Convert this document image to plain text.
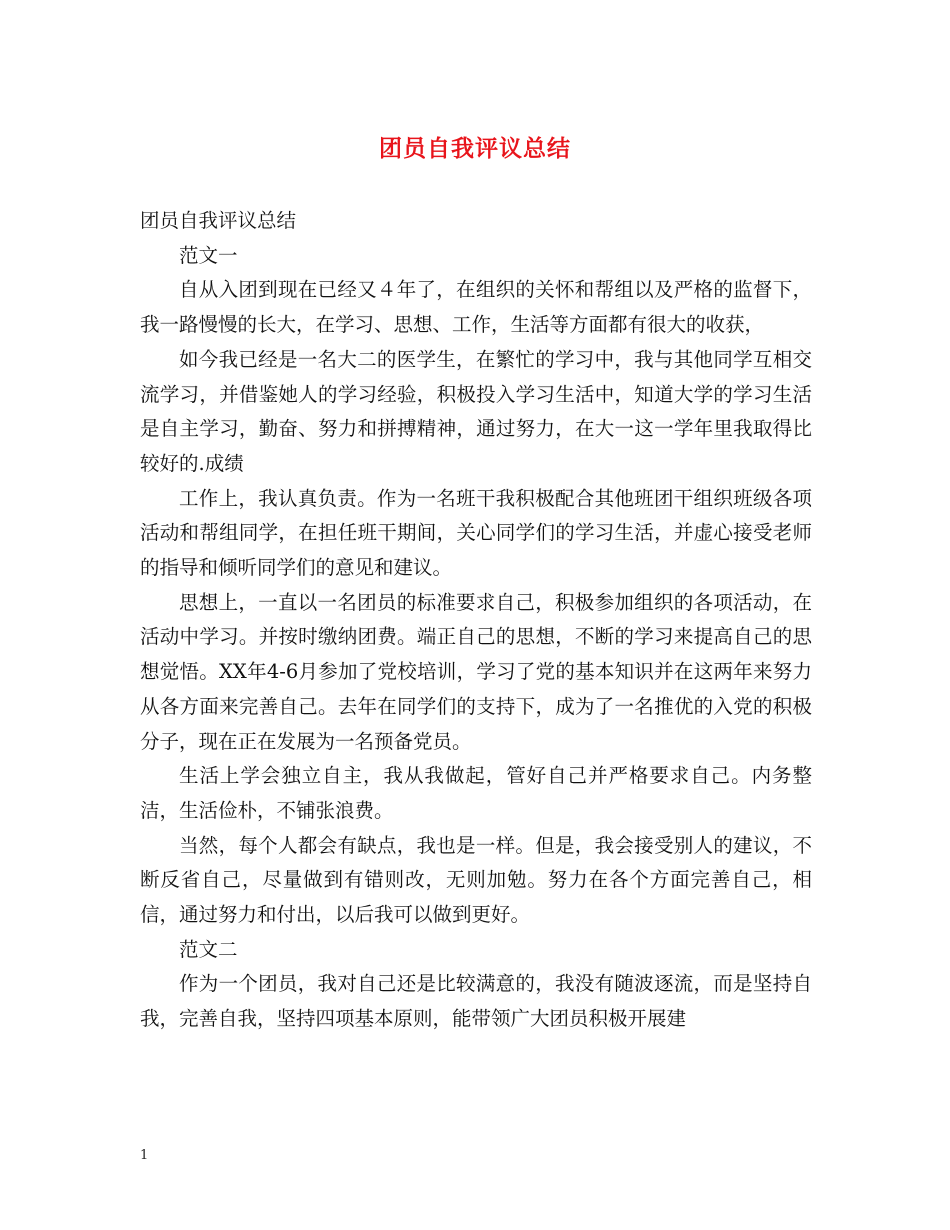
团员自我评议总结

团员自我评议总结

范文一

自从入团到现在已经又４年了，在组织的关怀和帮组以及严格的监督下，我一路慢慢的长大，在学习、思想、工作，生活等方面都有很大的收获，

如今我已经是一名大二的医学生，在繁忙的学习中，我与其他同学互相交流学习，并借鉴她人的学习经验，积极投入学习生活中，知道大学的学习生活是自主学习，勤奋、努力和拼搏精神，通过努力，在大一这一学年里我取得比较好的.成绩

工作上，我认真负责。作为一名班干我积极配合其他班团干组织班级各项活动和帮组同学，在担任班干期间，关心同学们的学习生活，并虚心接受老师的指导和倾听同学们的意见和建议。

思想上，一直以一名团员的标准要求自己，积极参加组织的各项活动，在活动中学习。并按时缴纳团费。端正自己的思想，不断的学习来提高自己的思想觉悟。XX年4-6月参加了党校培训，学习了党的基本知识并在这两年来努力从各方面来完善自己。去年在同学们的支持下，成为了一名推优的入党的积极分子，现在正在发展为一名预备党员。

生活上学会独立自主，我从我做起，管好自己并严格要求自己。内务整洁，生活俭朴，不铺张浪费。

当然，每个人都会有缺点，我也是一样。但是，我会接受别人的建议，不断反省自己，尽量做到有错则改，无则加勉。努力在各个方面完善自己，相信，通过努力和付出，以后我可以做到更好。

范文二

作为一个团员，我对自己还是比较满意的，我没有随波逐流，而是坚持自我，完善自我，坚持四项基本原则，能带领广大团员积极开展建

1
